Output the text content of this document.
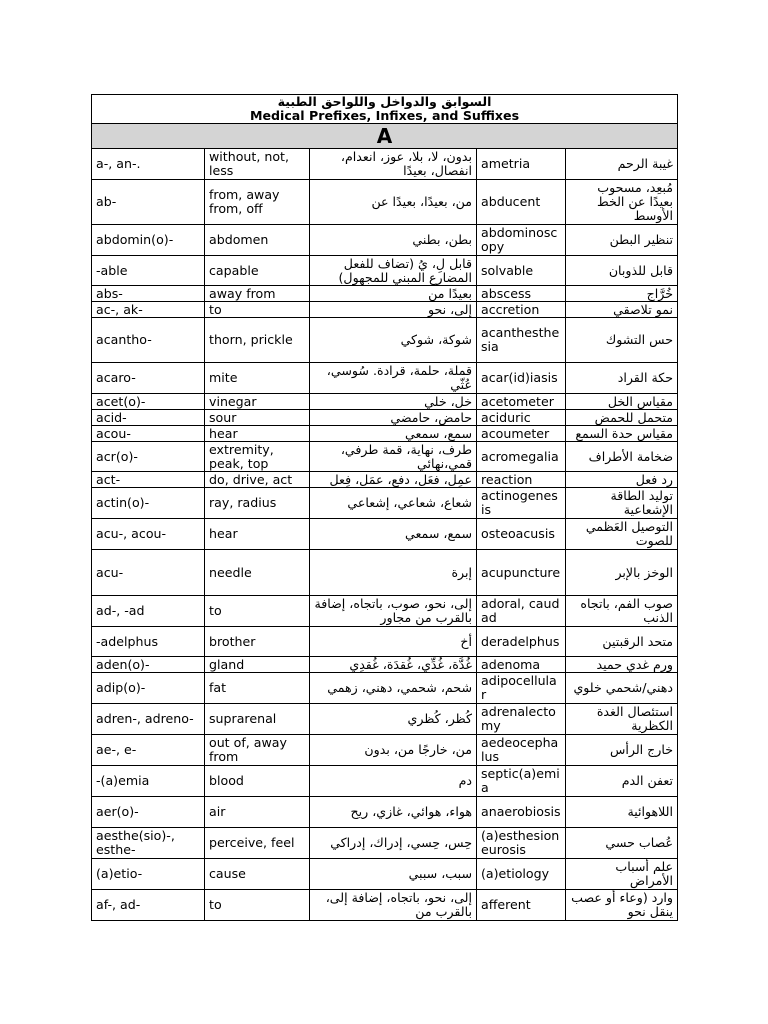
السوابق والدواخل واللواحق الطبية
Medical Prefixes, Infixes, and Suffixes				

A				
a-, an-.	without, not, less	بدون، لا، بلا، عوز، انعدام، انفصال، بعيدًا	ametria	غيبة الرحم
ab-	from, away from, off	من، بعيدًا، بعيدًا عن	abducent	مُبعِد، مسحوب بعيدًا عن الخط الأوسط
abdomin(o)-	abdomen	بطن، بطني	abdominoscopy	تنظير البطن
-able	capable	قابل لِ، يُ (تضاف للفعل المضارع المبني للمجهول)	solvable	قابل للذوبان
abs-	away from	بعيدًا من	abscess	خُرَّاج
ac-, ak-	to	إلى، نحو	accretion	نمو تلاصقي
acantho-	thorn, prickle	شوكة، شوكي	acanthesthesia	حس التشوك
acaro-	mite	قملة، حلمة، قرادة. سُوسي، عُثّي	acar(id)iasis	حكة القراد
acet(o)-	vinegar	خل، خلي	acetometer	مقياس الخل
acid-	sour	حامض، حامضي	aciduric	متحمل للحمض
acou-	hear	سمع، سمعي	acoumeter	مقياس حدة السمع
acr(o)-	extremity, peak, top	طرف، نهاية، قمة طرفي، قمي،نهائي	acromegalia	ضخامة الأطراف
act-	do, drive, act	عمِل، فعَل، دفع، عمَل، فِعل	reaction	رد فعل
actin(o)-	ray, radius	شعاع، شعاعي، إشعاعي	actinogenesis	توليد الطاقة الإشعاعية
acu-, acou-	hear	سمع، سمعي	osteoacusis	التوصيل العَظمي للصوت
acu-	needle	إبرة	acupuncture	الوخز بالإبر
ad-, -ad	to	إلى، نحو، صوب، باتجاه، إضافة بالقرب من مجاور	adoral, caudad	صوب الفم، باتجاه الذنب
-adelphus	brother	أخ	deradelphus	متحد الرقبتين
aden(o)-	gland	غُدَّة، غُدِّي، غُقدَة، غُقدِي	adenoma	ورم غدي حميد
adip(o)-	fat	شحم، شحمي، دهني، زهمي	adipocellular	دهني/شحمي خلوي
adren-, adreno-	suprarenal	كُظر، كُظري	adrenalectomy	استئصال الغدة الكظرية
ae-, e-	out of, away from	من، خارجًا من، بدون	aedeocephalus	خارج الرأس
-(a)emia	blood	دم	septic(a)emia	تعفن الدم
aer(o)-	air	هواء، هوائي، غازي، ريح	anaerobiosis	اللاهوائية
aesthe(sio)-, esthe-	perceive, feel	حِس، حِسي، إدراك، إدراكي	(a)esthesioneurosis	عُصاب حسي
(a)etio-	cause	سبب، سببي	(a)etiology	علم أسباب الأمراض
af-, ad-	to	إلى، نحو، باتجاه، إضافة إلى، بالقرب من	afferent	وارد (وعاء أو عصب ينقل نحو
